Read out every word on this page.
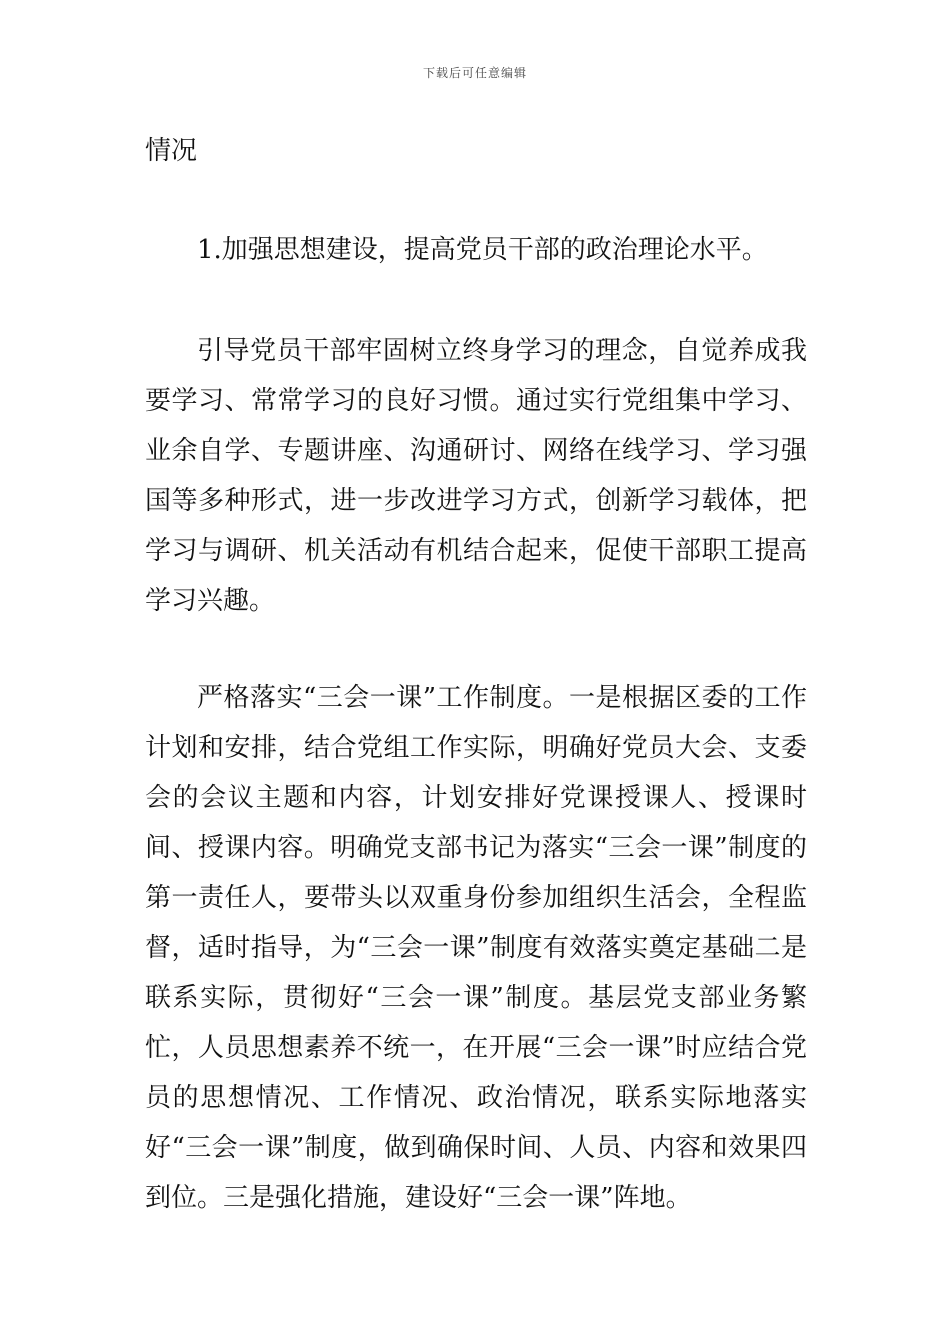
下载后可任意编辑
情况
1.加强思想建设，提高党员干部的政治理论水平。
引导党员干部牢固树立终身学习的理念，自觉养成我要学习、常常学习的良好习惯。通过实行党组集中学习、业余自学、专题讲座、沟通研讨、网络在线学习、学习强国等多种形式，进一步改进学习方式，创新学习载体，把学习与调研、机关活动有机结合起来，促使干部职工提高学习兴趣。
严格落实“三会一课”工作制度。一是根据区委的工作计划和安排，结合党组工作实际，明确好党员大会、支委会的会议主题和内容，计划安排好党课授课人、授课时间、授课内容。明确党支部书记为落实“三会一课”制度的第一责任人，要带头以双重身份参加组织生活会，全程监督，适时指导，为“三会一课”制度有效落实奠定基础二是联系实际，贯彻好“三会一课”制度。基层党支部业务繁忙，人员思想素养不统一，在开展“三会一课”时应结合党员的思想情况、工作情况、政治情况，联系实际地落实好“三会一课”制度，做到确保时间、人员、内容和效果四到位。三是强化措施，建设好“三会一课”阵地。
